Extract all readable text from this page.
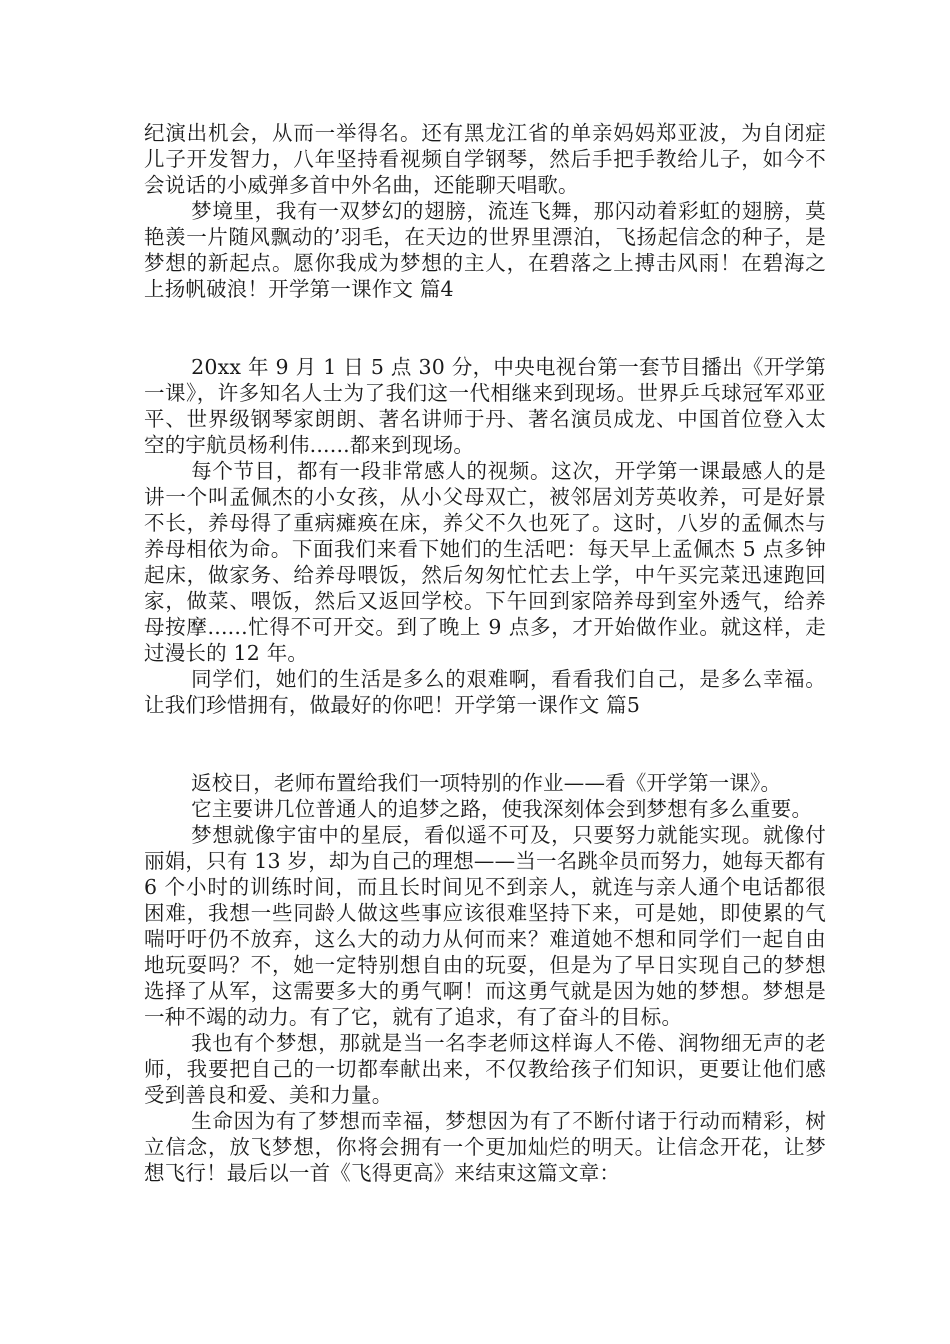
纪演出机会，从而一举得名。还有黑龙江省的单亲妈妈郑亚波，为自闭症儿子开发智力，八年坚持看视频自学钢琴，然后手把手教给儿子，如今不会说话的小威弹多首中外名曲，还能聊天唱歌。

梦境里，我有一双梦幻的翅膀，流连飞舞，那闪动着彩虹的翅膀，莫艳羡一片随风飘动的’羽毛，在天边的世界里漂泊，飞扬起信念的种子，是梦想的新起点。愿你我成为梦想的主人，在碧落之上搏击风雨！在碧海之上扬帆破浪！开学第一课作文 篇4

20xx 年 9 月 1 日 5 点 30 分，中央电视台第一套节目播出《开学第一课》，许多知名人士为了我们这一代相继来到现场。世界乒乓球冠军邓亚平、世界级钢琴家朗朗、著名讲师于丹、著名演员成龙、中国首位登入太空的宇航员杨利伟......都来到现场。

每个节目，都有一段非常感人的视频。这次，开学第一课最感人的是讲一个叫孟佩杰的小女孩，从小父母双亡，被邻居刘芳英收养，可是好景不长，养母得了重病瘫痪在床，养父不久也死了。这时，八岁的孟佩杰与养母相依为命。下面我们来看下她们的生活吧：每天早上孟佩杰 5 点多钟起床，做家务、给养母喂饭，然后匆匆忙忙去上学，中午买完菜迅速跑回家，做菜、喂饭，然后又返回学校。下午回到家陪养母到室外透气，给养母按摩......忙得不可开交。到了晚上 9 点多，才开始做作业。就这样，走过漫长的 12 年。

同学们，她们的生活是多么的艰难啊，看看我们自己，是多么幸福。让我们珍惜拥有，做最好的你吧！开学第一课作文 篇5

返校日，老师布置给我们一项特别的作业——看《开学第一课》。

它主要讲几位普通人的追梦之路，使我深刻体会到梦想有多么重要。

梦想就像宇宙中的星辰，看似遥不可及，只要努力就能实现。就像付丽娟，只有 13 岁，却为自己的理想——当一名跳伞员而努力，她每天都有 6 个小时的训练时间，而且长时间见不到亲人，就连与亲人通个电话都很困难，我想一些同龄人做这些事应该很难坚持下来，可是她，即使累的气喘吁吁仍不放弃，这么大的动力从何而来？难道她不想和同学们一起自由地玩耍吗？不，她一定特别想自由的玩耍，但是为了早日实现自己的梦想选择了从军，这需要多大的勇气啊！而这勇气就是因为她的梦想。梦想是一种不竭的动力。有了它，就有了追求，有了奋斗的目标。

我也有个梦想，那就是当一名李老师这样诲人不倦、润物细无声的老师，我要把自己的一切都奉献出来，不仅教给孩子们知识，更要让他们感受到善良和爱、美和力量。

生命因为有了梦想而幸福，梦想因为有了不断付诸于行动而精彩，树立信念，放飞梦想，你将会拥有一个更加灿烂的明天。让信念开花，让梦想飞行！最后以一首《飞得更高》来结束这篇文章：
